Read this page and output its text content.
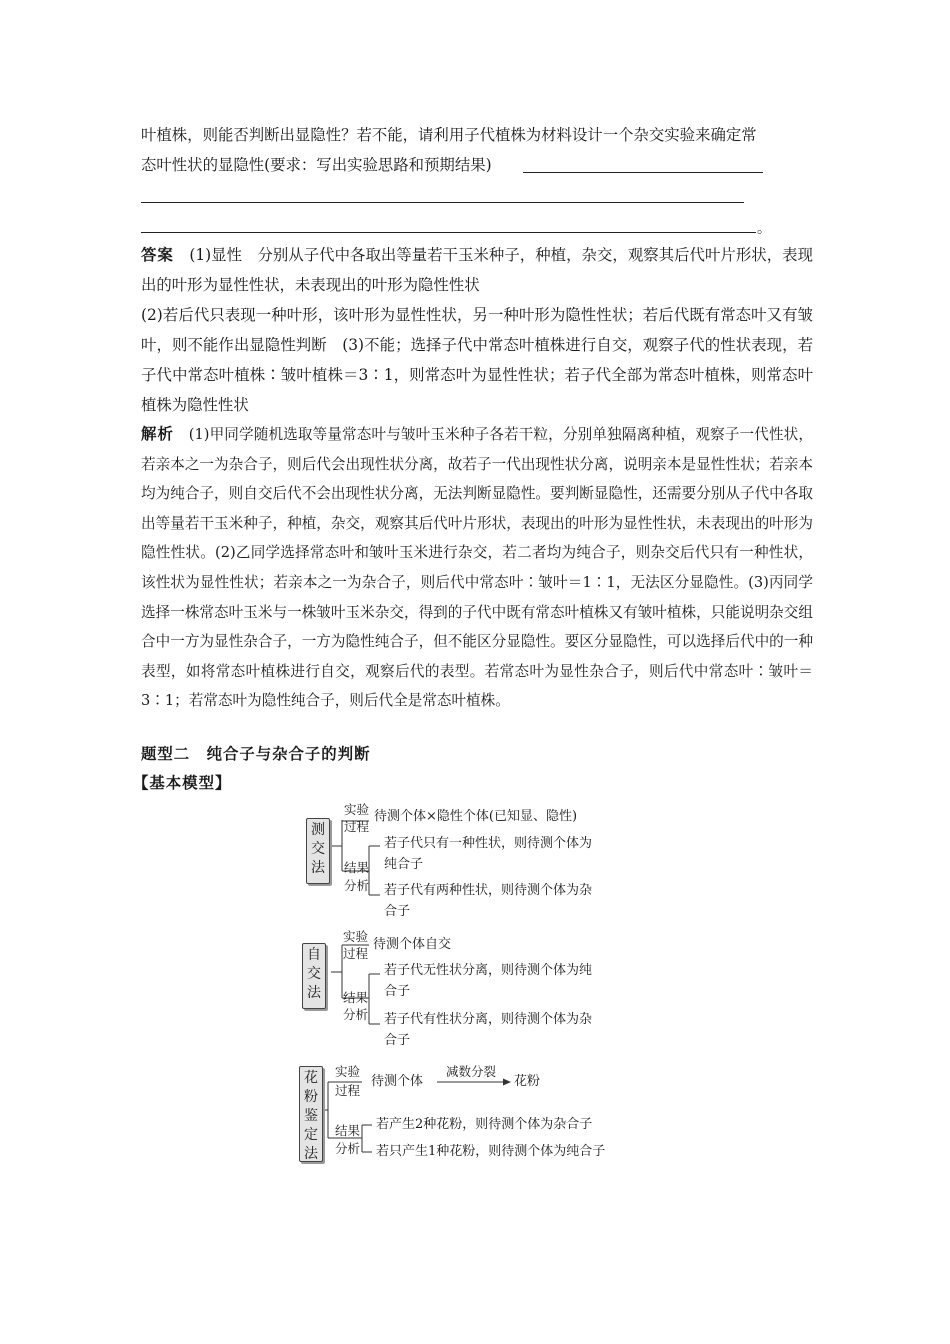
叶植株，则能否判断出显隐性？若不能，请利用子代植株为材料设计一个杂交实验来确定常

态叶性状的显隐性(要求：写出实验思路和预期结果)

。

答案　 (1)显性　分别从子代中各取出等量若干玉米种子，种植，杂交，观察其后代叶片形状，表现出的叶形为显性性状，未表现出的叶形为隐性性状

(2)若后代只表现一种叶形，该叶形为显性性状，另一种叶形为隐性性状；若后代既有常态叶又有皱叶，则不能作出显隐性判断　(3)不能；选择子代中常态叶植株进行自交，观察子代的性状表现，若子代中常态叶植株∶皱叶植株＝3∶1，则常态叶为显性性状；若子代全部为常态叶植株，则常态叶植株为隐性性状

解析　 (1)甲同学随机选取等量常态叶与皱叶玉米种子各若干粒，分别单独隔离种植，观察子一代性状，若亲本之一为杂合子，则后代会出现性状分离，故若子一代出现性状分离，说明亲本是显性性状；若亲本均为纯合子，则自交后代不会出现性状分离，无法判断显隐性。要判断显隐性，还需要分别从子代中各取出等量若干玉米种子，种植，杂交，观察其后代叶片形状，表现出的叶形为显性性状，未表现出的叶形为隐性性状。(2)乙同学选择常态叶和皱叶玉米进行杂交，若二者均为纯合子，则杂交后代只有一种性状，该性状为显性性状；若亲本之一为杂合子，则后代中常态叶∶皱叶＝1∶1，无法区分显隐性。(3)丙同学选择一株常态叶玉米与一株皱叶玉米杂交，得到的子代中既有常态叶植株又有皱叶植株，只能说明杂交组合中一方为显性杂合子，一方为隐性纯合子，但不能区分显隐性。要区分显隐性，可以选择后代中的一种表型，如将常态叶植株进行自交，观察后代的表型。若常态叶为显性杂合子，则后代中常态叶∶皱叶＝3∶1；若常态叶为隐性纯合子，则后代全是常态叶植株。

题型二　纯合子与杂合子的判断
【基本模型】
测交法
实验
过程
待测个体×隐性个体(已知显、隐性)
结果
分析
若子代只有一种性状，则待测个体为
纯合子
若子代有两种性状，则待测个体为杂
合子
自交法
实验
过程
待测个体自交
结果
分析
若子代无性状分离，则待测个体为纯
合子
若子代有性状分离，则待测个体为杂
合子
花粉鉴定法
实验
过程
待测个体
减数分裂
花粉
结果
分析
若产生2种花粉，则待测个体为杂合子
若只产生1种花粉，则待测个体为纯合子
